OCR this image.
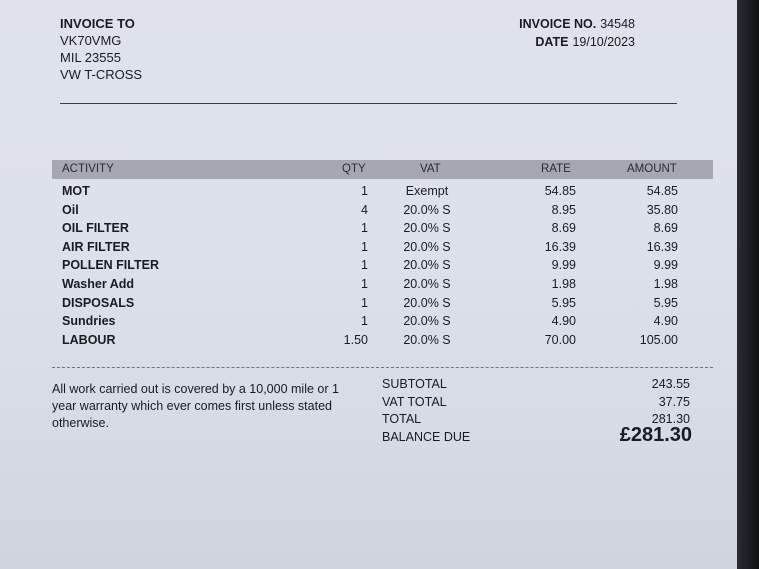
INVOICE TO
VK70VMG
MIL 23555
VW T-CROSS
INVOICE NO. 34548
DATE 19/10/2023
ACTIVITY	QTY	VAT	RATE	AMOUNT
MOT	1	Exempt	54.85	54.85
Oil	4	20.0% S	8.95	35.80
OIL FILTER	1	20.0% S	8.69	8.69
AIR FILTER	1	20.0% S	16.39	16.39
POLLEN FILTER	1	20.0% S	9.99	9.99
Washer Add	1	20.0% S	1.98	1.98
DISPOSALS	1	20.0% S	5.95	5.95
Sundries	1	20.0% S	4.90	4.90
LABOUR	1.50	20.0% S	70.00	105.00
All work carried out is covered by a 10,000 mile or 1 year warranty which ever comes first unless stated otherwise.
SUBTOTAL	243.55
VAT TOTAL	37.75
TOTAL	281.30
BALANCE DUE	£281.30
